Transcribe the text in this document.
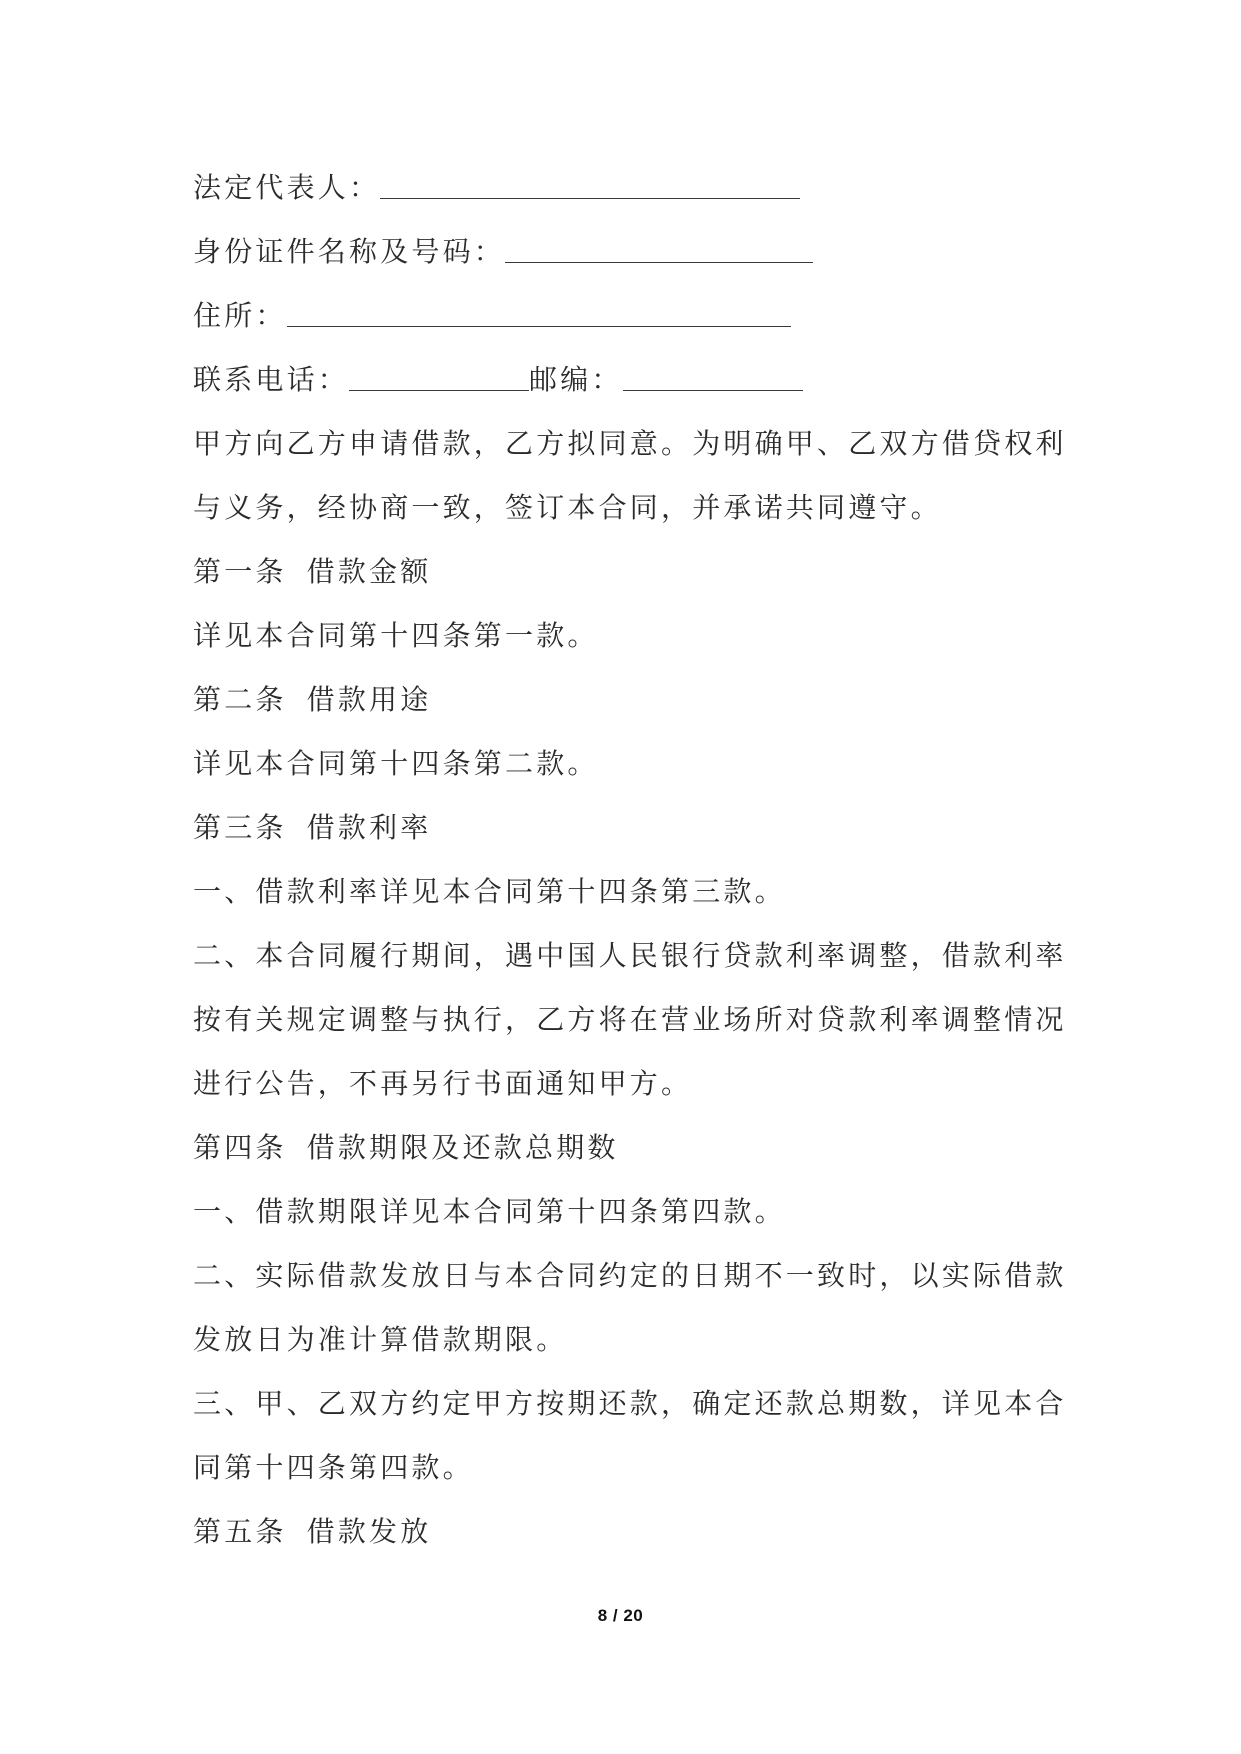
法定代表人：
身份证件名称及号码：
住所：
联系电话：	邮编：
甲方向乙方申请借款，乙方拟同意。为明确甲、乙双方借贷权利
与义务，经协商一致，签订本合同，并承诺共同遵守。
第一条 借款金额
详见本合同第十四条第一款。
第二条 借款用途
详见本合同第十四条第二款。
第三条 借款利率
一、借款利率详见本合同第十四条第三款。
二、本合同履行期间，遇中国人民银行贷款利率调整，借款利率
按有关规定调整与执行，乙方将在营业场所对贷款利率调整情况
进行公告，不再另行书面通知甲方。
第四条 借款期限及还款总期数
一、借款期限详见本合同第十四条第四款。
二、实际借款发放日与本合同约定的日期不一致时，以实际借款
发放日为准计算借款期限。
三、甲、乙双方约定甲方按期还款，确定还款总期数，详见本合
同第十四条第四款。
第五条 借款发放
8 / 20
